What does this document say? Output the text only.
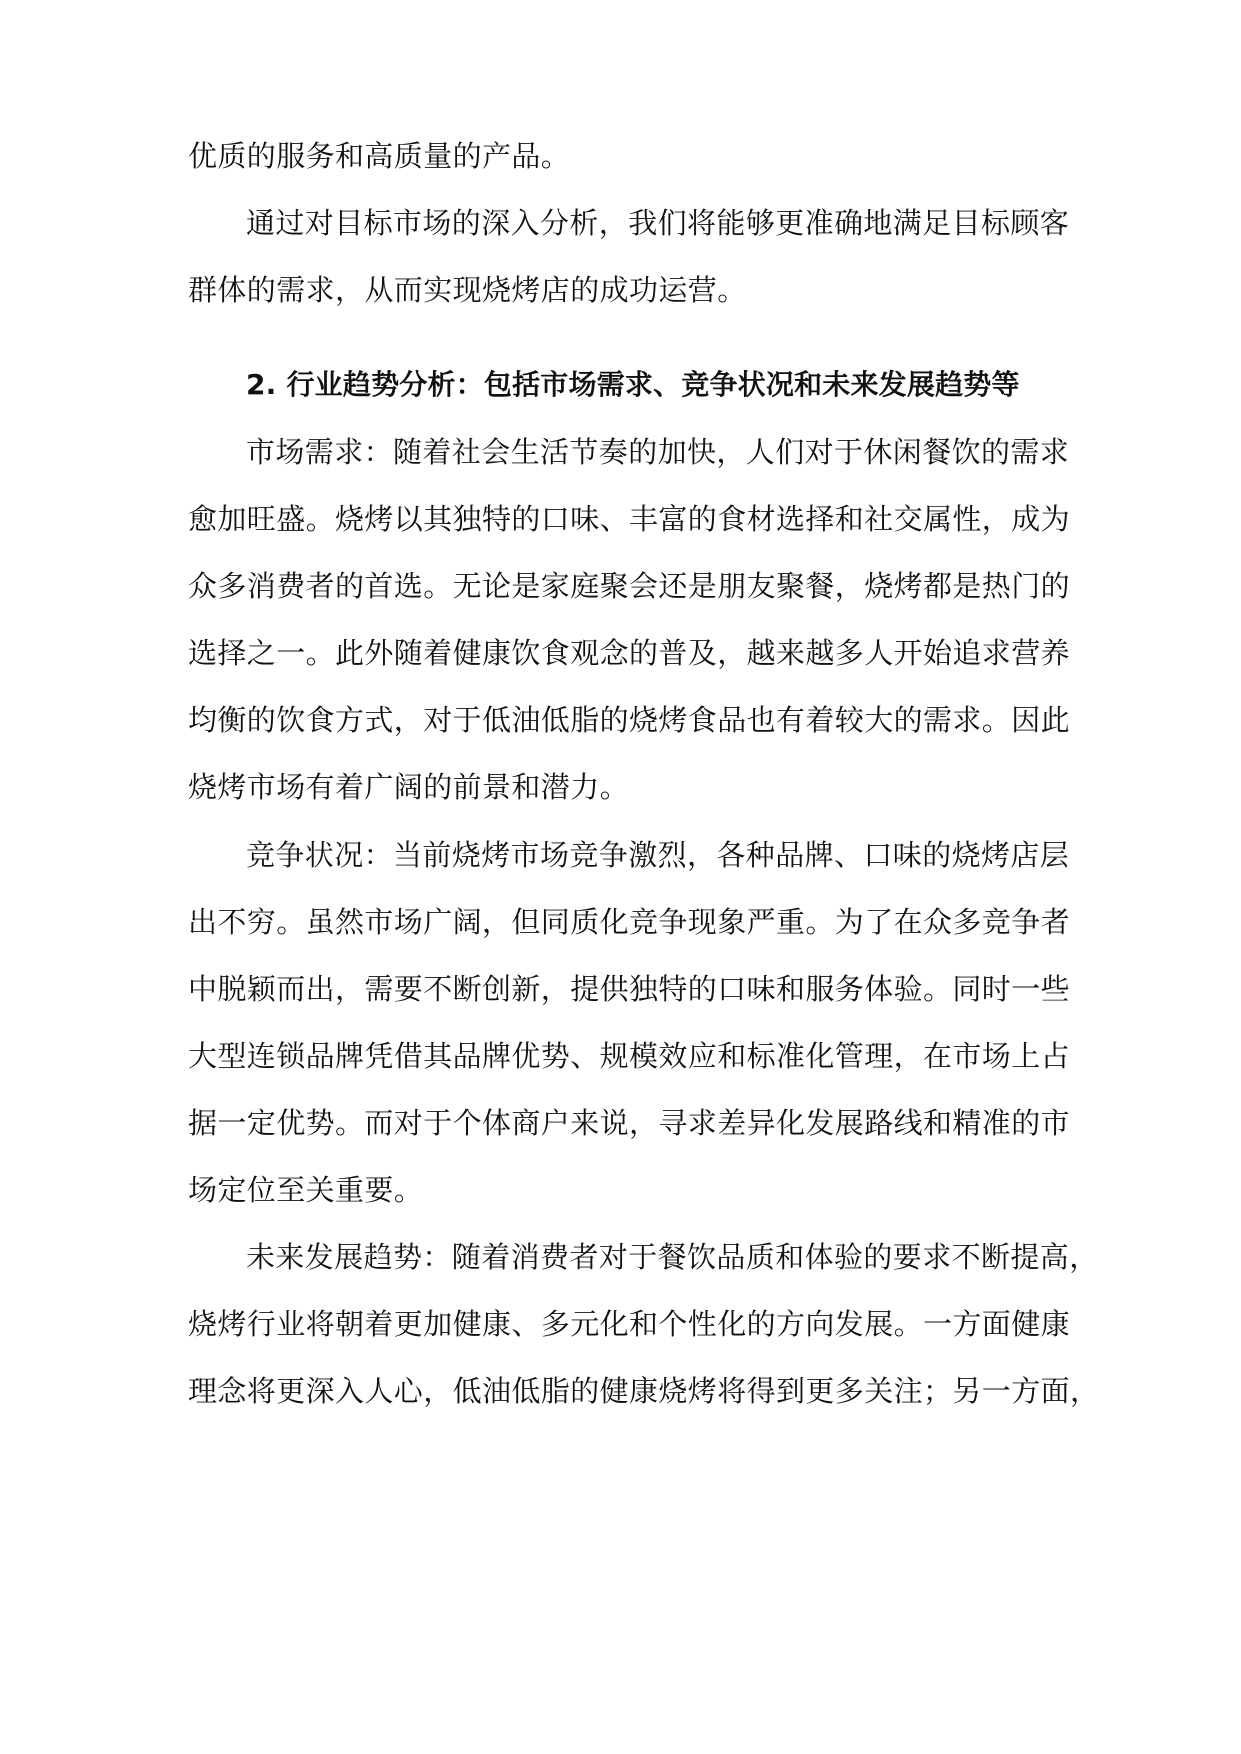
优质的服务和高质量的产品。

通过对目标市场的深入分析，我们将能够更准确地满足目标顾客

群体的需求，从而实现烧烤店的成功运营。

2. 行业趋势分析：包括市场需求、竞争状况和未来发展趋势等

市场需求：随着社会生活节奏的加快，人们对于休闲餐饮的需求

愈加旺盛。烧烤以其独特的口味、丰富的食材选择和社交属性，成为

众多消费者的首选。无论是家庭聚会还是朋友聚餐，烧烤都是热门的

选择之一。此外随着健康饮食观念的普及，越来越多人开始追求营养

均衡的饮食方式，对于低油低脂的烧烤食品也有着较大的需求。因此

烧烤市场有着广阔的前景和潜力。

竞争状况：当前烧烤市场竞争激烈，各种品牌、口味的烧烤店层

出不穷。虽然市场广阔，但同质化竞争现象严重。为了在众多竞争者

中脱颖而出，需要不断创新，提供独特的口味和服务体验。同时一些

大型连锁品牌凭借其品牌优势、规模效应和标准化管理，在市场上占

据一定优势。而对于个体商户来说，寻求差异化发展路线和精准的市

场定位至关重要。

未来发展趋势：随着消费者对于餐饮品质和体验的要求不断提高，

烧烤行业将朝着更加健康、多元化和个性化的方向发展。一方面健康

理念将更深入人心，低油低脂的健康烧烤将得到更多关注；另一方面，
